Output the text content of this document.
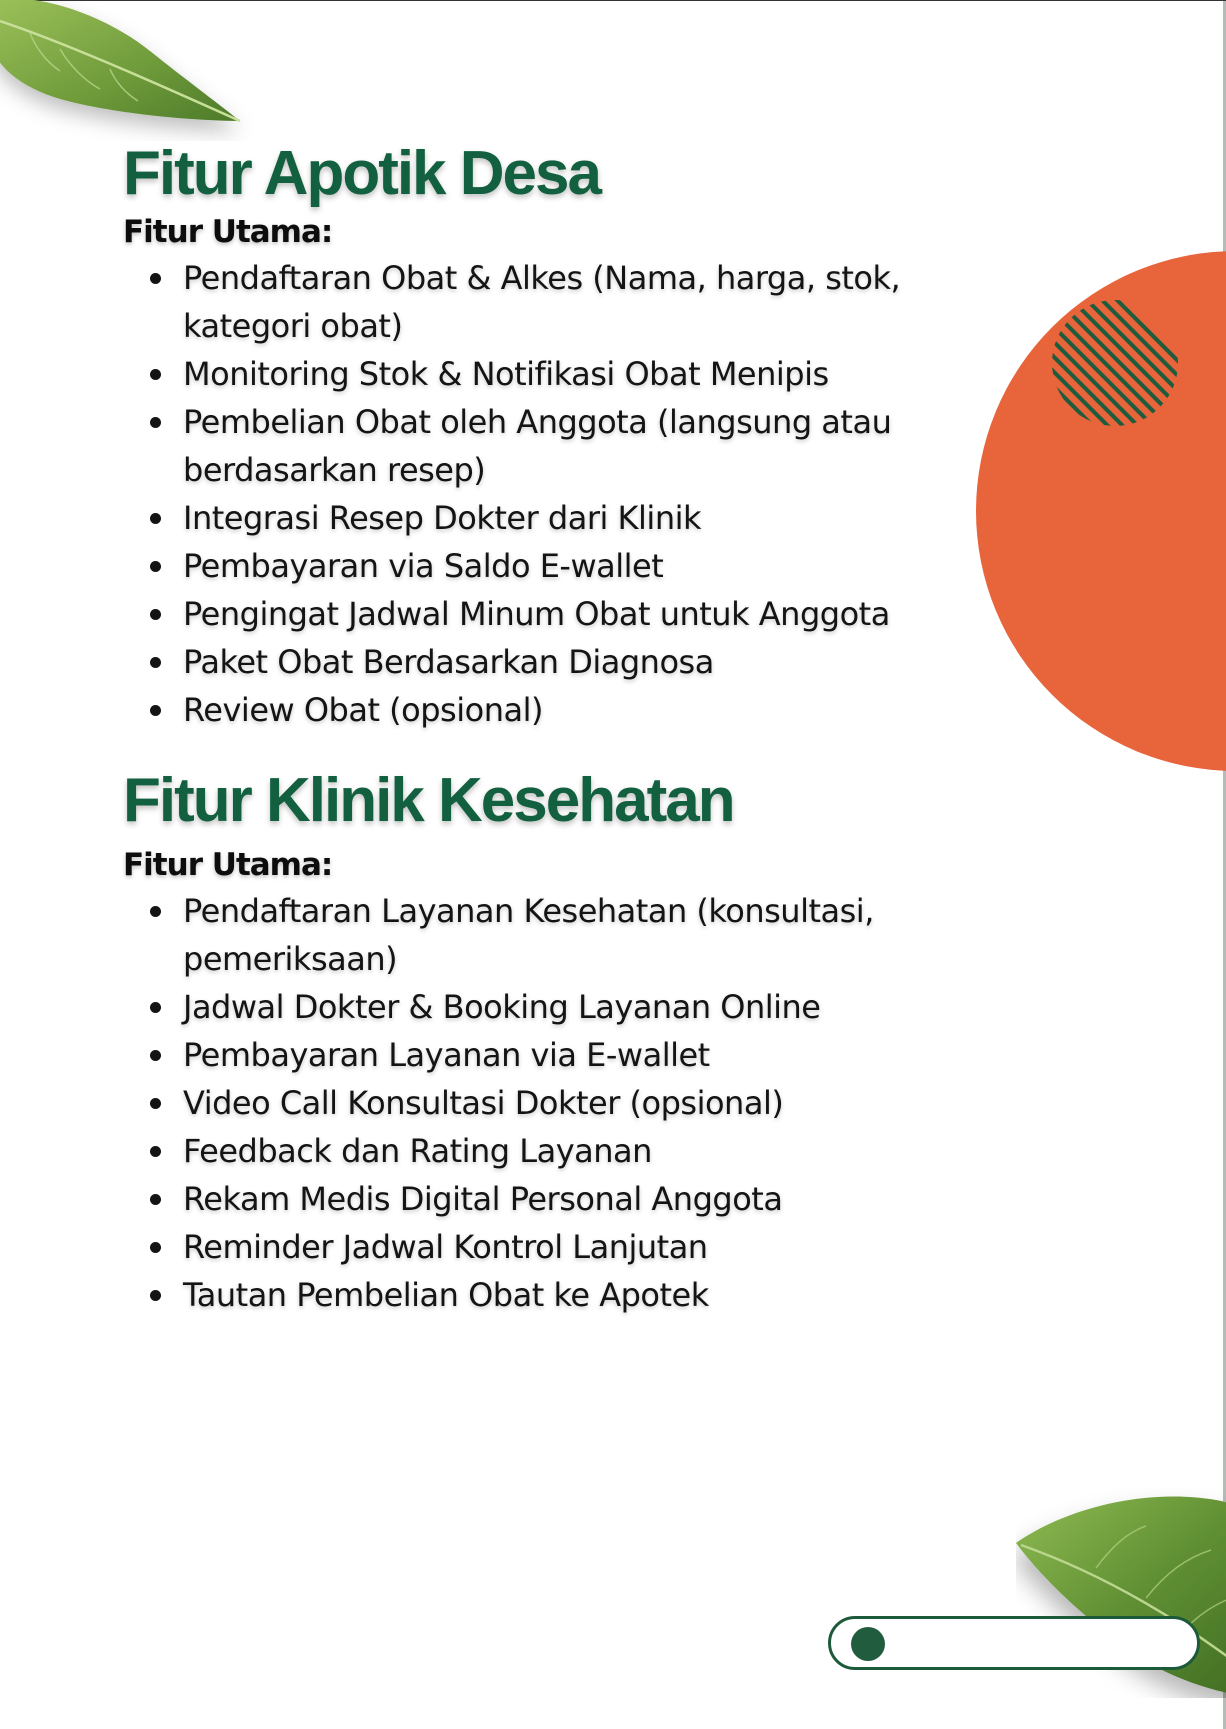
Fitur Apotik Desa
Fitur Utama:
Pendaftaran Obat & Alkes (Nama, harga, stok, kategori obat)
Monitoring Stok & Notifikasi Obat Menipis
Pembelian Obat oleh Anggota (langsung atau berdasarkan resep)
Integrasi Resep Dokter dari Klinik
Pembayaran via Saldo E-wallet
Pengingat Jadwal Minum Obat untuk Anggota
Paket Obat Berdasarkan Diagnosa
Review Obat (opsional)
Fitur Klinik Kesehatan
Fitur Utama:
Pendaftaran Layanan Kesehatan (konsultasi, pemeriksaan)
Jadwal Dokter & Booking Layanan Online
Pembayaran Layanan via E-wallet
Video Call Konsultasi Dokter (opsional)
Feedback dan Rating Layanan
Rekam Medis Digital Personal Anggota
Reminder Jadwal Kontrol Lanjutan
Tautan Pembelian Obat ke Apotek
